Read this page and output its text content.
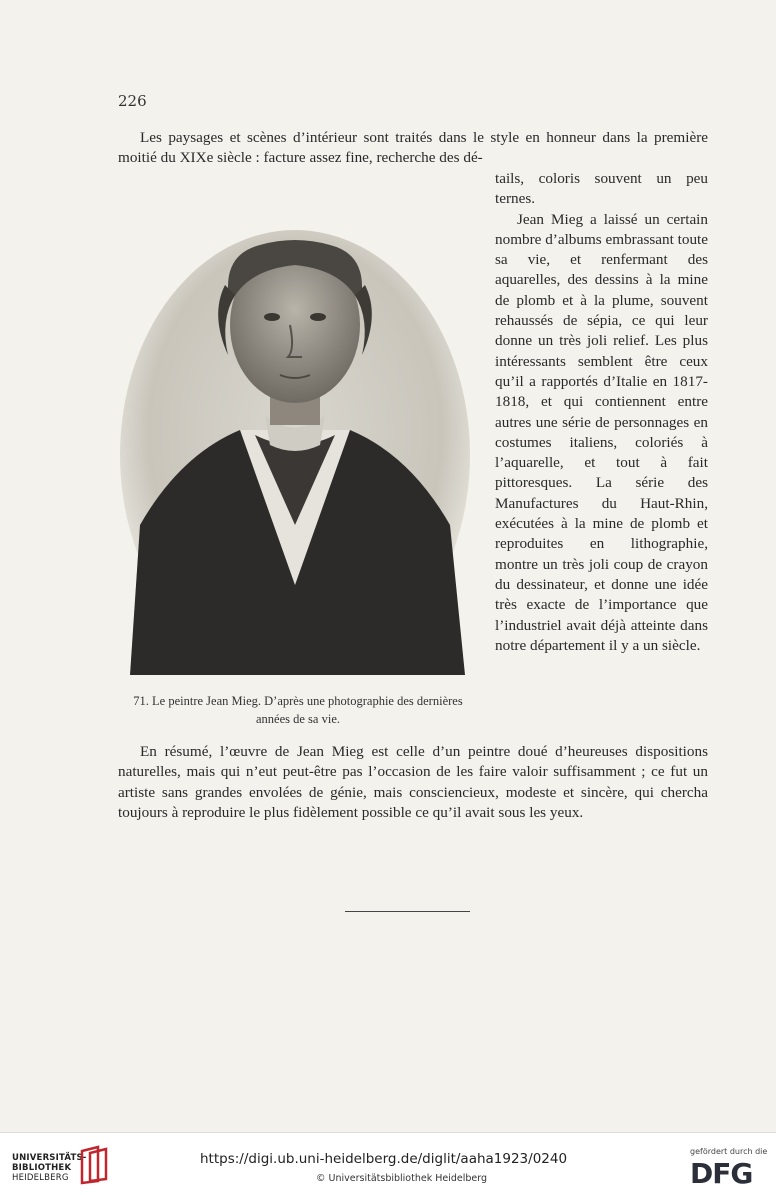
226

Les paysages et scènes d’intérieur sont traités dans le style en honneur dans la première moitié du XIXe siècle : facture assez fine, recherche des dé-

tails, coloris souvent un peu ternes.

Jean Mieg a laissé un certain nombre d’albums embrassant toute sa vie, et renfermant des aquarelles, des dessins à la mine de plomb et à la plume, souvent rehaussés de sépia, ce qui leur donne un très joli relief. Les plus intéressants semblent être ceux qu’il a rapportés d’Italie en 1817-1818, et qui contiennent entre autres une série de personnages en costumes italiens, coloriés à l’aquarelle, et tout à fait pittoresques. La série des Manufactures du Haut-Rhin, exécutées à la mine de plomb et reproduites en lithographie, montre un très joli coup de crayon du dessinateur, et donne une idée très exacte de l’importance que l’industriel avait déjà atteinte dans notre département il y a un siècle.

71. Le peintre Jean Mieg. D’après une photographie des dernières années de sa vie.

En résumé, l’œuvre de Jean Mieg est celle d’un peintre doué d’heureuses dispositions naturelles, mais qui n’eut peut-être pas l’occasion de les faire valoir suffisamment ; ce fut un artiste sans grandes envolées de génie, mais consciencieux, modeste et sincère, qui chercha toujours à reproduire le plus fidèlement possible ce qu’il avait sous les yeux.

UNIVERSITÄTS-
BIBLIOTHEK
HEIDELBERG
https://digi.ub.uni-heidelberg.de/diglit/aaha1923/0240
© Universitätsbibliothek Heidelberg
gefördert durch die
DFG
